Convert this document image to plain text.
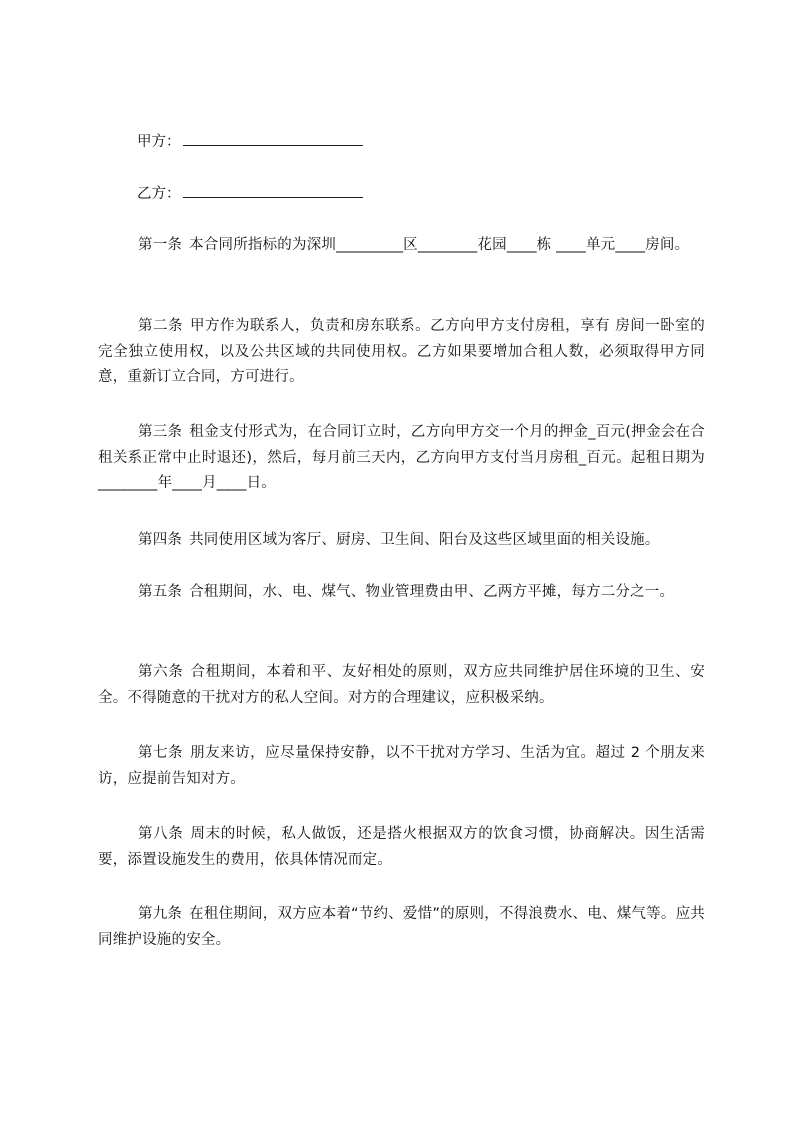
甲方：
乙方：
第一条 本合同所指标的为深圳_________区________花园____栋 ____单元____房间。
第二条 甲方作为联系人，负责和房东联系。乙方向甲方支付房租，享有 房间一卧室的完全独立使用权，以及公共区域的共同使用权。乙方如果要增加合租人数，必须取得甲方同意，重新订立合同，方可进行。
第三条 租金支付形式为，在合同订立时，乙方向甲方交一个月的押金_百元(押金会在合租关系正常中止时退还)，然后，每月前三天内，乙方向甲方支付当月房租_百元。起租日期为________年____月____日。
第四条 共同使用区域为客厅、厨房、卫生间、阳台及这些区域里面的相关设施。
第五条 合租期间，水、电、煤气、物业管理费由甲、乙两方平摊，每方二分之一。
第六条 合租期间，本着和平、友好相处的原则，双方应共同维护居住环境的卫生、安全。不得随意的干扰对方的私人空间。对方的合理建议，应积极采纳。
第七条 朋友来访，应尽量保持安静，以不干扰对方学习、生活为宜。超过 2 个朋友来访，应提前告知对方。
第八条 周末的时候，私人做饭，还是搭火根据双方的饮食习惯，协商解决。因生活需要，添置设施发生的费用，依具体情况而定。
第九条 在租住期间，双方应本着“节约、爱惜”的原则，不得浪费水、电、煤气等。应共同维护设施的安全。
